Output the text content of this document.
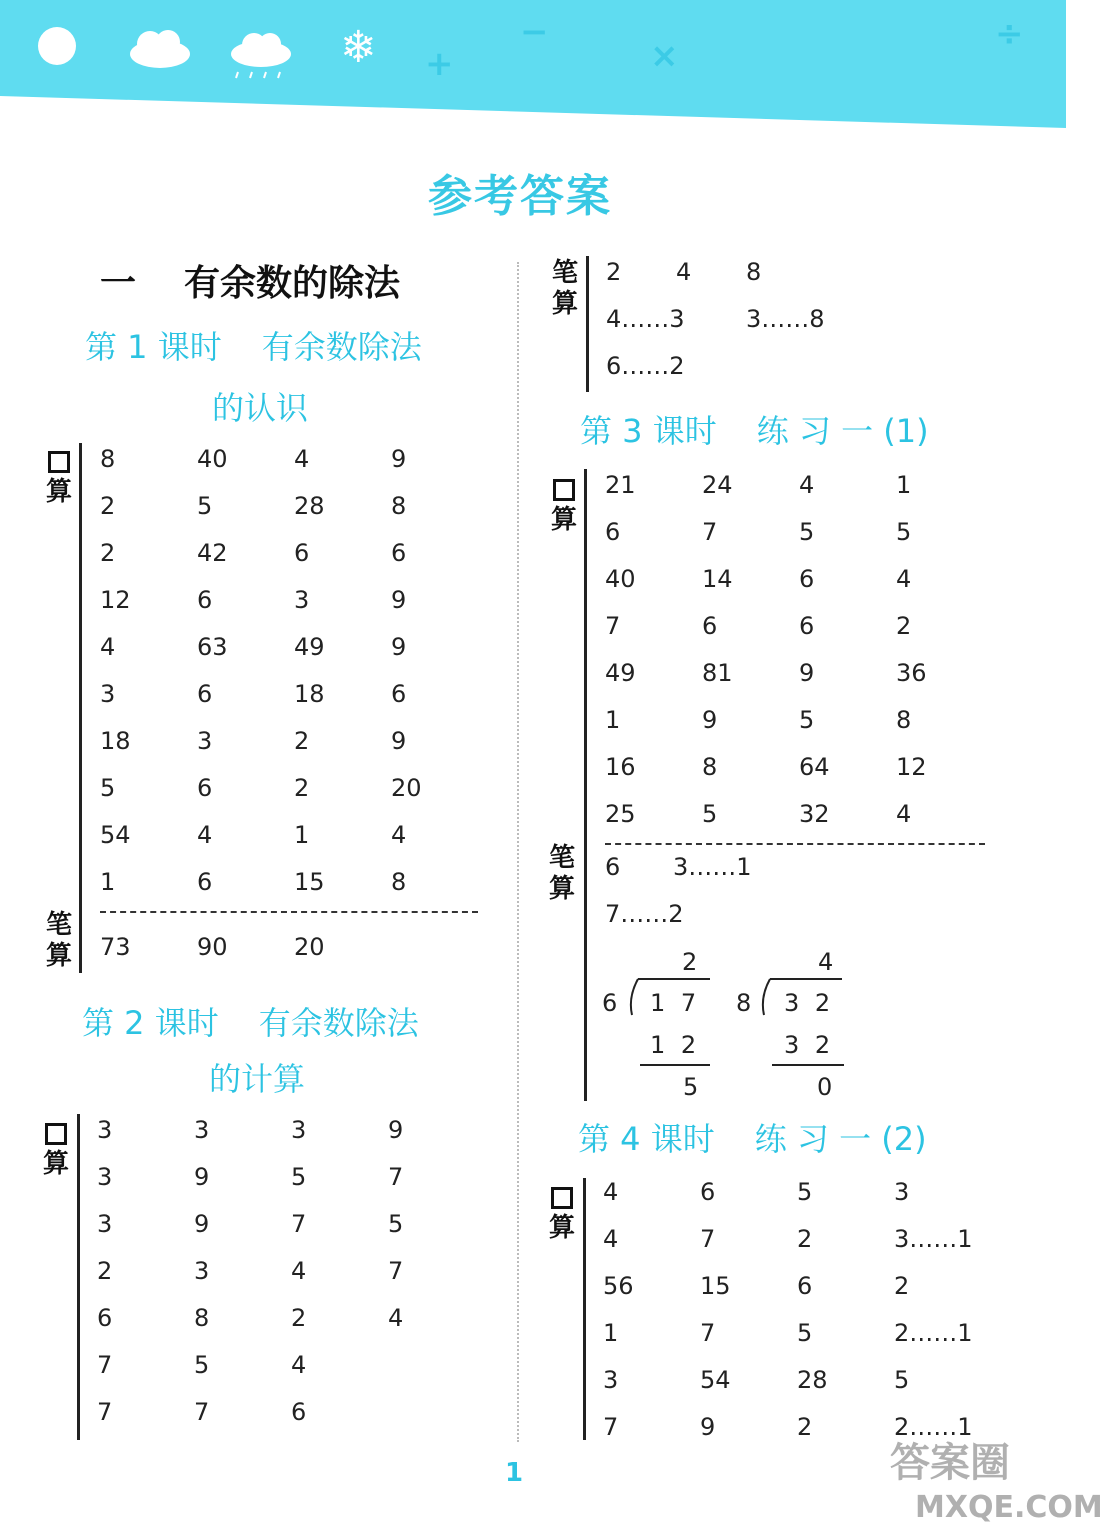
❄ +
−
×
÷
参考答案
一 有余数的除法
第 1 课时 有余数除法
的认识

算
8	40	4	9
2	5	28	8
2	42	6	6
12	6	3	9
4	63	49	9
3	6	18	6
18	3	2	9
5	6	2	20
54	4	1	4
1	6	15	8
笔
算 73	90	20
第 2 课时 有余数除法
的计算

算
3	3	3	9
3	9	5	7
3	9	7	5
2	3	4	7
6	8	2	4
7	5	4
7	7	6
笔
算
2 4 8
4……3	3……8
6……2
第 3 课时 练 习 一 (1)

算
21	24	4	1
6	7	5	5
40	14	6	4
7	6	6	2
49	81	9	36
1	9	5	8
16	8	64	12
25	5	32	4
笔
算
6 3……1
7……2
2
6 1 7
1 2
5
4
8 3 2
3 2
0
第 4 课时 练 习 一 (2)

算
4	6	5	3
4	7	2	3……1
56	15	6	2
1	7	5	2……1
3	54	28	5
7	9	2	2……1
1	答案圈
MXQE.COM
